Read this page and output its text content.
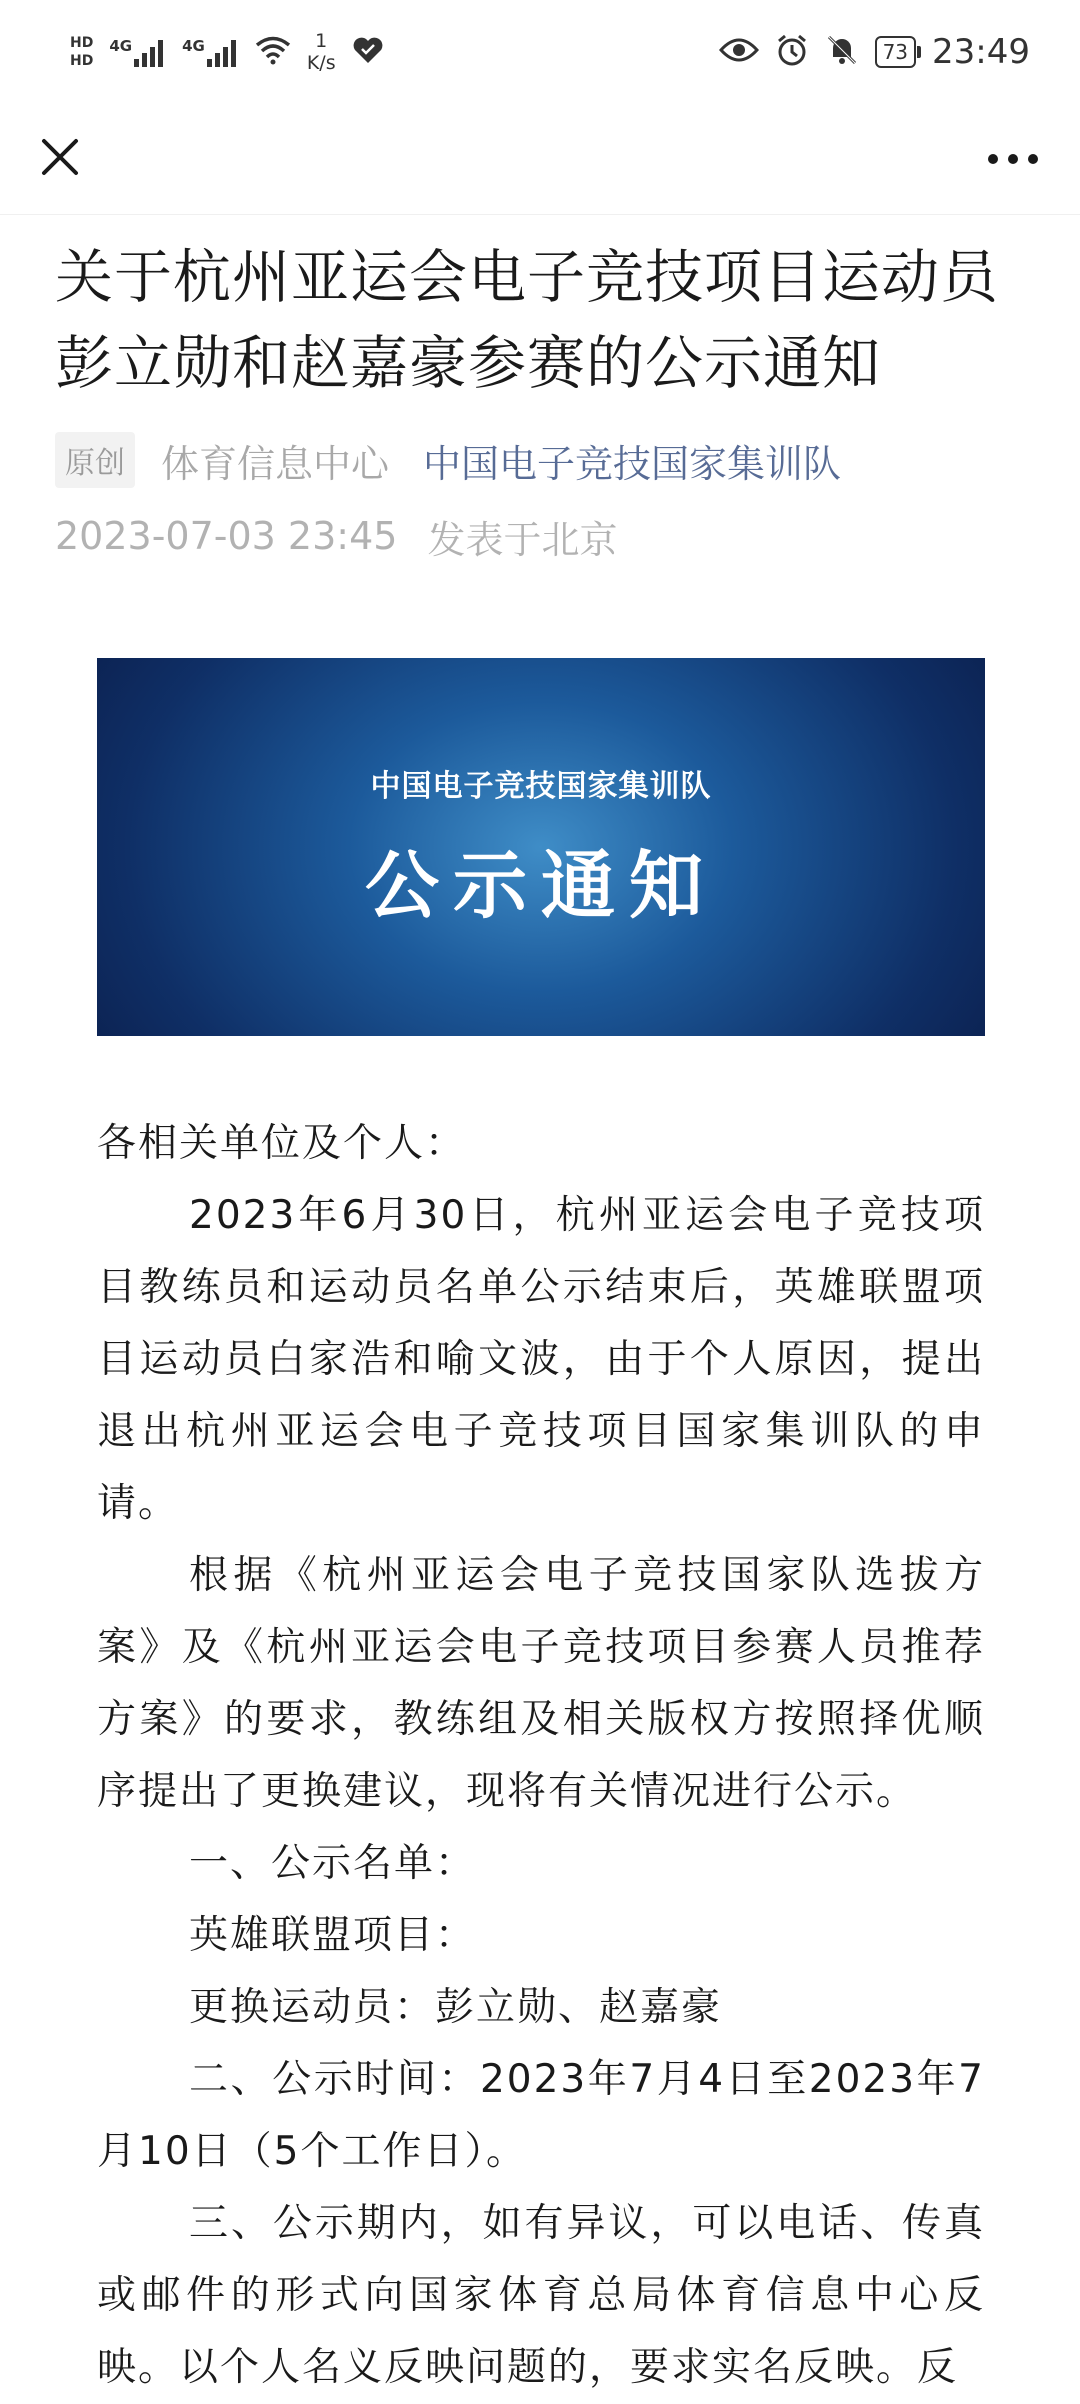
HD
HD
4G	4G	1
K/s	73 23:49
关于杭州亚运会电子竞技项目运动员彭立勋和赵嘉豪参赛的公示通知
原创 体育信息中心 中国电子竞技国家集训队
2023-07-03 23:45 发表于北京
中国电子竞技国家集训队
公示通知

各相关单位及个人：

2023年6月30日，杭州亚运会电子竞技项目教练员和运动员名单公示结束后，英雄联盟项目运动员白家浩和喻文波，由于个人原因，提出退出杭州亚运会电子竞技项目国家集训队的申请。

根据《杭州亚运会电子竞技国家队选拔方案》及《杭州亚运会电子竞技项目参赛人员推荐方案》的要求，教练组及相关版权方按照择优顺序提出了更换建议，现将有关情况进行公示。

一、公示名单：

英雄联盟项目：

更换运动员：彭立勋、赵嘉豪

二、公示时间：2023年7月4日至2023年7月10日（5个工作日）。

三、公示期内，如有异议，可以电话、传真或邮件的形式向国家体育总局体育信息中心反映。以个人名义反映问题的，要求实名反映。反
